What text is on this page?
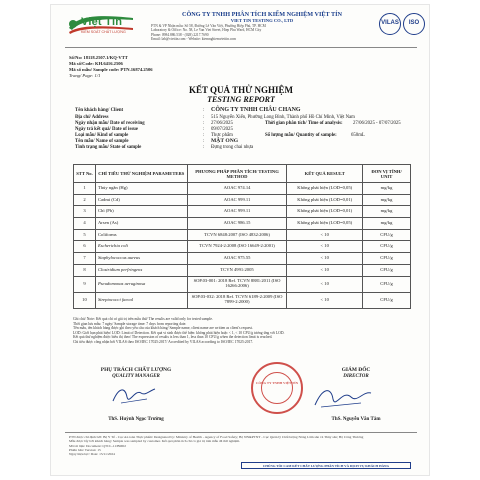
Việt Tín
KIỂM SOÁT CHẤT LƯỢNG
CÔNG TY TNHH PHÂN TÍCH KIỂM NGHIỆM VIỆT TÍN
VIET TIN TESTING CO., LTD
PTN & VP Nhận mẫu: Số 58, Đường Lê Văn Việt, Phường Hiệp Phú, TP. HCM
Laboratory & Office: No. 58, Le Van Viet Street, Hiep Phu Ward, HCM City
Phone: 0984.886.538 - (028) 2217.7690
Email: lab@viettin.com - Website: kiemnghiemviettin.com
VILAS	ISO
Số/No: 18118.2507.1/KQ-VTT
Mã số/Code: KH.6416.2506
Mã số mẫu/ Sample code: PTN.16874.2506
Trang/ Page: 1/1
KẾT QUẢ THỬ NGHIỆM
TESTING REPORT
Tên khách hàng/ Client	: CÔNG TY TNHH CHÂU CHANG
Địa chỉ/ Address	: 515 Nguyễn Xiển, Phường Long Bình, Thành phố Hồ Chí Minh, Việt Nam
Ngày nhận mẫu/ Date of receiving	: 27/06/2025	Thời gian phân tích/ Time of analysis: 27/06/2025 - 07/07/2025
Ngày trả kết quả/ Date of issue	: 09/07/2025
Loại mẫu/ Kind of sample	: Thực phẩm	Số lượng mẫu/ Quantity of sample:	650mL
Tên mẫu/ Name of sample	: MẬT ONG
Tình trạng mẫu/ State of sample	: Đựng trong chai nhựa
STT No.	CHỈ TIÊU THỬ NGHIỆM PARAMETERS	PHƯƠNG PHÁP PHÂN TÍCH/ TESTING METHOD	KẾT QUẢ RESULT	ĐƠN VỊ TÍNH/ UNIT
1	Thủy ngân (Hg)	AOAC 974.14	Không phát hiện (LOD=0,05)	mg/kg
2	Cadmi (Cd)	AOAC 999.11	Không phát hiện (LOD=0,01)	mg/kg
3	Chì (Pb)	AOAC 999.11	Không phát hiện (LOD=0,01)	mg/kg
4	Arsen (As)	AOAC 986.15	Không phát hiện (LOD=0,05)	mg/kg
5	Coliforms	TCVN 6848:2007 (ISO 4832:2006)	< 10	CFU/g
6	Escherichia coli	TCVN 7924-2:2008 (ISO 16649-2:2001)	< 10	CFU/g
7	Staphylococcus aureus	AOAC 975.55	< 10	CFU/g
8	Clostridium perfringens	TCVN 4991:2005	< 10	CFU/g
9	Pseudomonas aeruginosa	SOP.03-001: 2018 Ref. TCVN 8881:2011 (ISO 16266:2006)	< 10	CFU/g
10	Streptococci faecal	SOP.03-032: 2018 Ref. TCVN 6189-2:2009 (ISO 7899-2:2000)	< 10	CFU/g
Ghi chú/ Note: Kết quả chỉ có giá trị trên mẫu thử/ The results are valid only for tested sample.
Thời gian lưu mẫu: 7 ngày/ Sample storage time: 7 days from reporting date.
Tên mẫu, tên khách hàng được ghi theo yêu cầu của khách hàng/ Sample name, client name are written as client's request.
LOD: Giới hạn phát hiện/ LOD: Limit of Detection. Kết quả vi sinh được thể hiện: không phát hiện hoặc < 1, < 10 CFU/g tương ứng với LOD.
Kết quả thử nghiệm được biểu thị theo/ The expression of results is less than 1, less than 10 CFU/g when the detection limit is reached.
Chỉ tiêu được công nhận bởi VILAS theo ISO/IEC 17025:2017/ Accredited by VILAS according to ISO/IEC 17025:2017.
PHỤ TRÁCH CHẤT LƯỢNG
QUALITY MANAGER
ThS. Huỳnh Ngọc Trường
GIÁM ĐỐC
DIRECTOR
CÔNG TY TNHH VIỆT TÍN
ThS. Nguyễn Văn Tâm
PTN được chỉ định bởi: Bộ Y Tế - Cục An toàn Thực phẩm/ Designated by: Ministry of Health - Agency of Food Safety; Bộ NN&PTNT - Cục Quản lý Chất lượng Nông Lâm sản và Thủy sản; Bộ Công Thương
Mẫu được lấy bởi khách hàng/ Sample was sampled by customer. Kết quả phân tích chỉ có giá trị trên mẫu đã thử nghiệm.
Mã tài liệu/ Document: QTCL-11/BM02
Phiên bản/ Version: 15
Ngày hiệu lực/ Date: 15/11/2024
CHÚNG TÔI CAM KẾT CHẤT LƯỢNG PHÂN TÍCH VÀ DỊCH VỤ KHÁCH HÀNG
